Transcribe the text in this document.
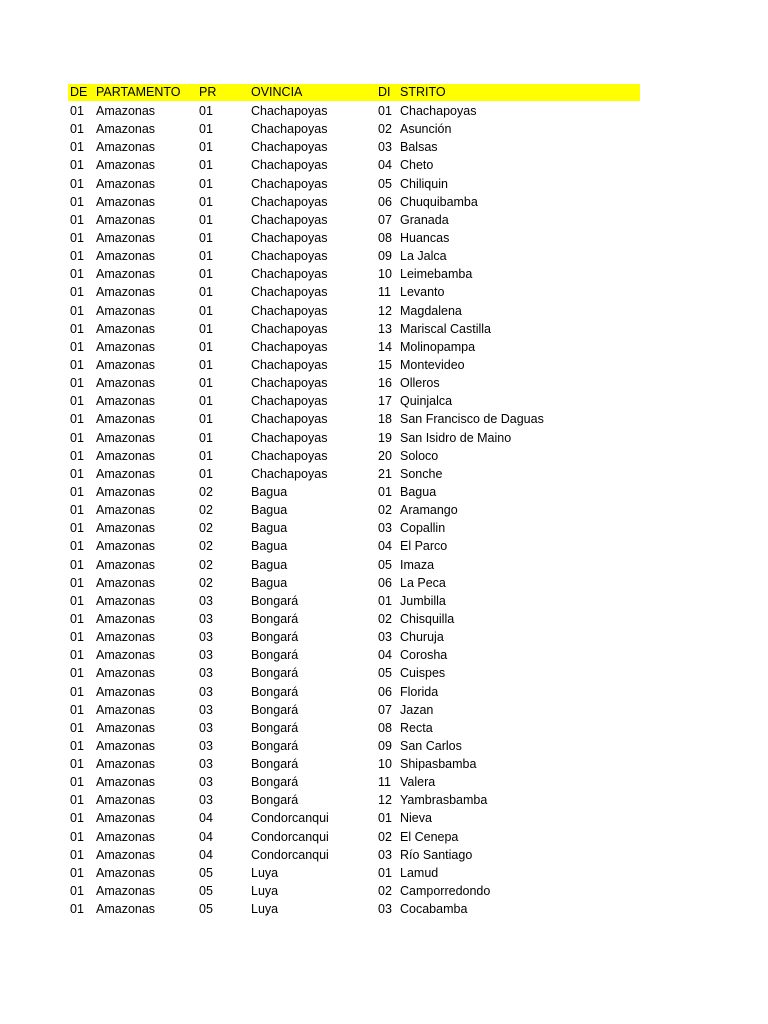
DE PARTAMENTO PR	OVINCIA	DI STRITO
01 Amazonas	01	Chachapoyas	01 Chachapoyas
01 Amazonas	01	Chachapoyas	02 Asunción
01 Amazonas	01	Chachapoyas	03 Balsas
01 Amazonas	01	Chachapoyas	04 Cheto
01 Amazonas	01	Chachapoyas	05 Chiliquin
01 Amazonas	01	Chachapoyas	06 Chuquibamba
01 Amazonas	01	Chachapoyas	07 Granada
01 Amazonas	01	Chachapoyas	08 Huancas
01 Amazonas	01	Chachapoyas	09 La Jalca
01 Amazonas	01	Chachapoyas	10 Leimebamba
01 Amazonas	01	Chachapoyas	11 Levanto
01 Amazonas	01	Chachapoyas	12 Magdalena
01 Amazonas	01	Chachapoyas	13 Mariscal Castilla
01 Amazonas	01	Chachapoyas	14 Molinopampa
01 Amazonas	01	Chachapoyas	15 Montevideo
01 Amazonas	01	Chachapoyas	16 Olleros
01 Amazonas	01	Chachapoyas	17 Quinjalca
01 Amazonas	01	Chachapoyas	18 San Francisco de Daguas
01 Amazonas	01	Chachapoyas	19 San Isidro de Maino
01 Amazonas	01	Chachapoyas	20 Soloco
01 Amazonas	01	Chachapoyas	21 Sonche
01 Amazonas	02	Bagua	01 Bagua
01 Amazonas	02	Bagua	02 Aramango
01 Amazonas	02	Bagua	03 Copallin
01 Amazonas	02	Bagua	04 El Parco
01 Amazonas	02	Bagua	05 Imaza
01 Amazonas	02	Bagua	06 La Peca
01 Amazonas	03	Bongará	01 Jumbilla
01 Amazonas	03	Bongará	02 Chisquilla
01 Amazonas	03	Bongará	03 Churuja
01 Amazonas	03	Bongará	04 Corosha
01 Amazonas	03	Bongará	05 Cuispes
01 Amazonas	03	Bongará	06 Florida
01 Amazonas	03	Bongará	07 Jazan
01 Amazonas	03	Bongará	08 Recta
01 Amazonas	03	Bongará	09 San Carlos
01 Amazonas	03	Bongará	10 Shipasbamba
01 Amazonas	03	Bongará	11 Valera
01 Amazonas	03	Bongará	12 Yambrasbamba
01 Amazonas	04	Condorcanqui	01 Nieva
01 Amazonas	04	Condorcanqui	02 El Cenepa
01 Amazonas	04	Condorcanqui	03 Río Santiago
01 Amazonas	05	Luya	01 Lamud
01 Amazonas	05	Luya	02 Camporredondo
01 Amazonas	05	Luya	03 Cocabamba
